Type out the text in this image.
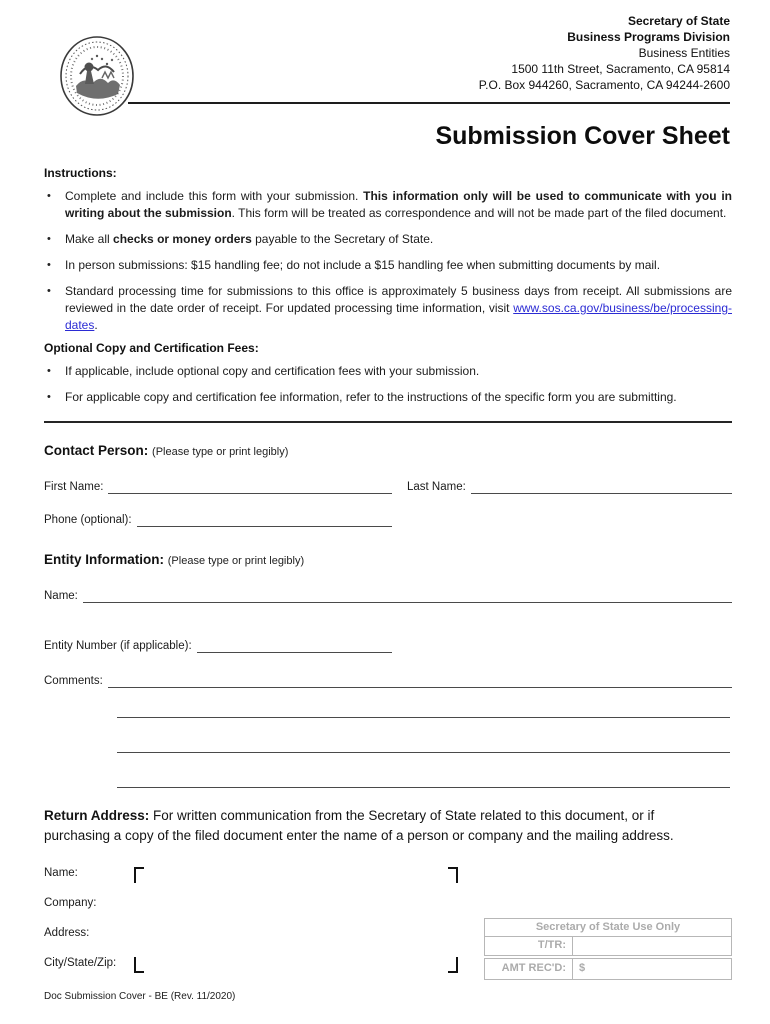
Secretary of State
Business Programs Division
Business Entities
1500 11th Street, Sacramento, CA 95814
P.O. Box 944260, Sacramento, CA 94244-2600
Submission Cover Sheet
Instructions:
• Complete and include this form with your submission. This information only will be used to communicate with you in writing about the submission. This form will be treated as correspondence and will not be made part of the filed document.
• Make all checks or money orders payable to the Secretary of State.
• In person submissions: $15 handling fee; do not include a $15 handling fee when submitting documents by mail.
• Standard processing time for submissions to this office is approximately 5 business days from receipt. All submissions are reviewed in the date order of receipt. For updated processing time information, visit www.sos.ca.gov/business/be/processing-dates.
Optional Copy and Certification Fees:
• If applicable, include optional copy and certification fees with your submission.
• For applicable copy and certification fee information, refer to the instructions of the specific form you are submitting.
Contact Person: (Please type or print legibly)
First Name:	Last Name:
Phone (optional):
Entity Information: (Please type or print legibly)
Name:
Entity Number (if applicable):
Comments:
Return Address: For written communication from the Secretary of State related to this document, or if purchasing a copy of the filed document enter the name of a person or company and the mailing address.
Name:
Company:
Address:
City/State/Zip:
Secretary of State Use Only
T/TR:
AMT REC'D:	$
Doc Submission Cover - BE (Rev. 11/2020)
